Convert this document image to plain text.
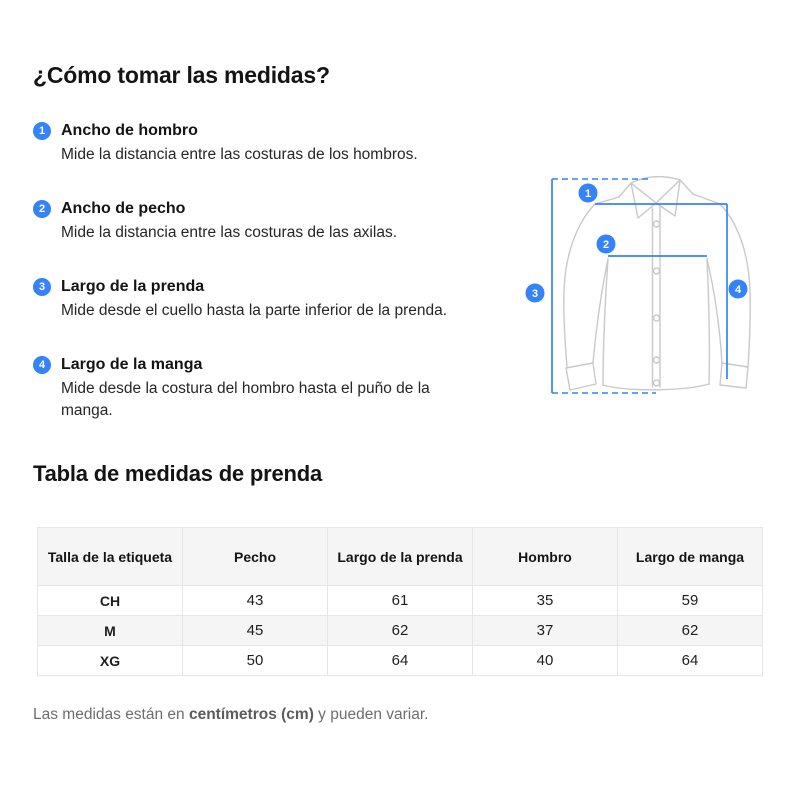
¿Cómo tomar las medidas?
1 Ancho de hombro
Mide la distancia entre las costuras de los hombros.
2 Ancho de pecho
Mide la distancia entre las costuras de las axilas.
3 Largo de la prenda
Mide desde el cuello hasta la parte inferior de la prenda.
4 Largo de la manga
Mide desde la costura del hombro hasta el puño de la manga.
1
2
3	4
Tabla de medidas de prenda
Talla de la etiqueta	Pecho	Largo de la prenda	Hombro	Largo de manga
CH	43	61	35	59
M	45	62	37	62
XG	50	64	40	64

Las medidas están en centímetros (cm) y pueden variar.
